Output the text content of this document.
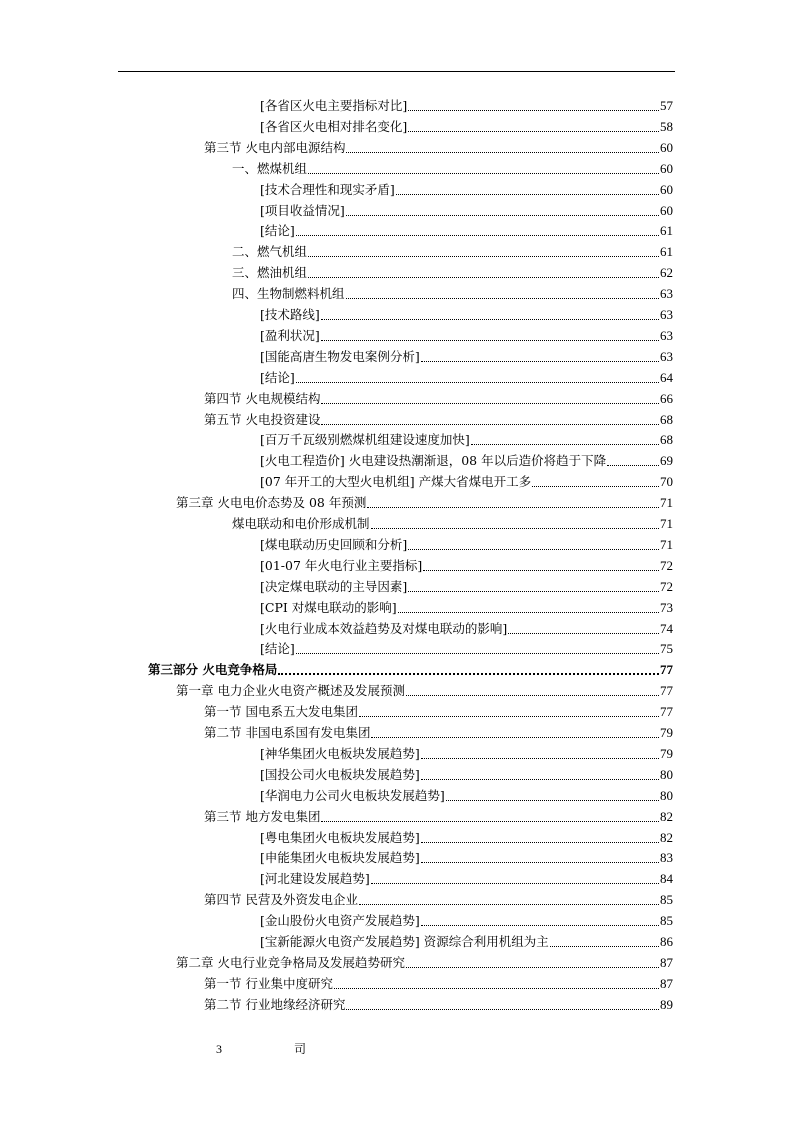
[各省区火电主要指标对比]	57
[各省区火电相对排名变化]	58
第三节 火电内部电源结构	60
一、燃煤机组	60
[技术合理性和现实矛盾]	60
[项目收益情况]	60
[结论]	61
二、燃气机组	61
三、燃油机组	62
四、生物制燃料机组	63
[技术路线]	63
[盈利状况]	63
[国能高唐生物发电案例分析]	63
[结论]	64
第四节 火电规模结构	66
第五节 火电投资建设	68
[百万千瓦级别燃煤机组建设速度加快]	68
[火电工程造价] 火电建设热潮渐退，08 年以后造价将趋于下降	69
[07 年开工的大型火电机组] 产煤大省煤电开工多	70
第三章 火电电价态势及 08 年预测	71
煤电联动和电价形成机制	71
[煤电联动历史回顾和分析]	71
[01-07 年火电行业主要指标]	72
[决定煤电联动的主导因素]	72
[CPI 对煤电联动的影响]	73
[火电行业成本效益趋势及对煤电联动的影响]	74
[结论]	75
第三部分 火电竞争格局	77
第一章 电力企业火电资产概述及发展预测	77
第一节 国电系五大发电集团	77
第二节 非国电系国有发电集团	79
[神华集团火电板块发展趋势]	79
[国投公司火电板块发展趋势]	80
[华润电力公司火电板块发展趋势]	80
第三节 地方发电集团	82
[粤电集团火电板块发展趋势]	82
[申能集团火电板块发展趋势]	83
[河北建设发展趋势]	84
第四节 民营及外资发电企业	85
[金山股份火电资产发展趋势]	85
[宝新能源火电资产发展趋势] 资源综合利用机组为主	86
第二章 火电行业竞争格局及发展趋势研究	87
第一节 行业集中度研究	87
第二节 行业地缘经济研究	89
3	司
